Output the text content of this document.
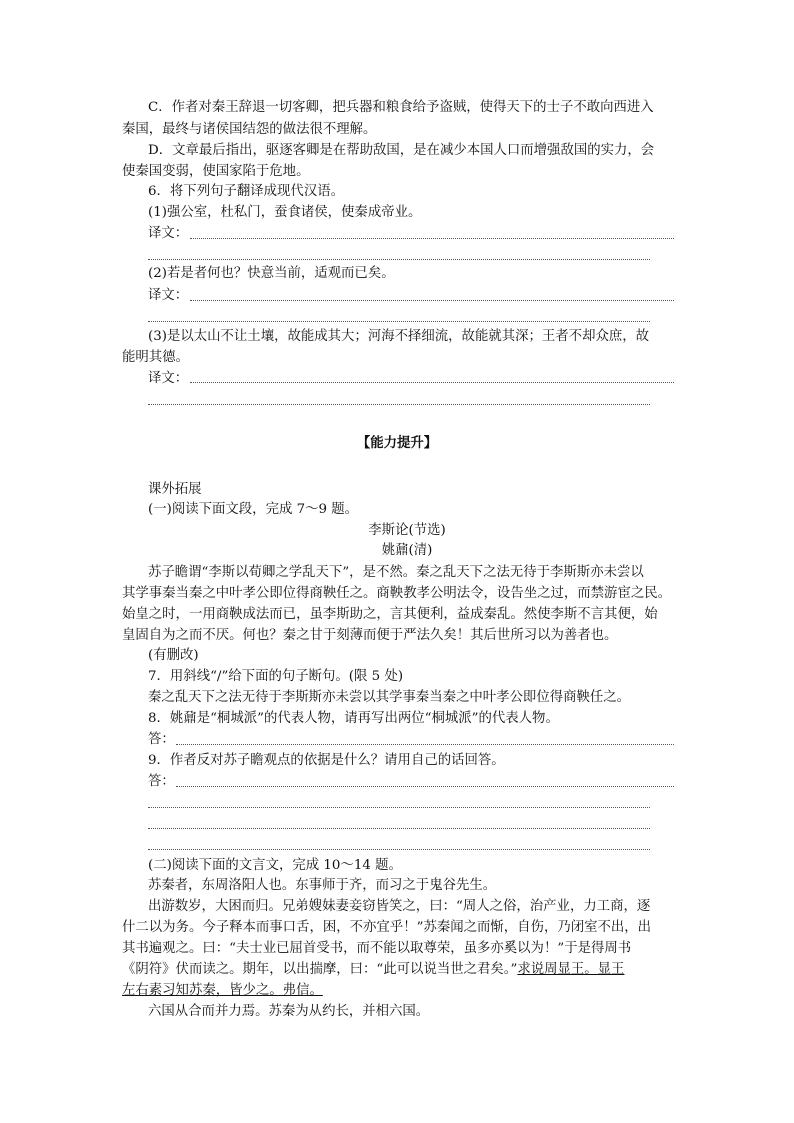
C．作者对秦王辞退一切客卿，把兵器和粮食给予盗贼，使得天下的士子不敢向西进入
秦国，最终与诸侯国结怨的做法很不理解。
D．文章最后指出，驱逐客卿是在帮助敌国，是在减少本国人口而增强敌国的实力，会
使秦国变弱，使国家陷于危地。
6．将下列句子翻译成现代汉语。
(1)强公室，杜私门，蚕食诸侯，使秦成帝业。
译文：
(2)若是者何也？快意当前，适观而已矣。
译文：
(3)是以太山不让土壤，故能成其大；河海不择细流，故能就其深；王者不却众庶，故
能明其德。
译文：
【能力提升】
课外拓展
(一)阅读下面文段，完成 7～9 题。
李斯论(节选)
姚鼐(清)
苏子瞻谓“李斯以荀卿之学乱天下”，是不然。秦之乱天下之法无待于李斯斯亦未尝以
其学事秦当秦之中叶孝公即位得商鞅任之。商鞅教孝公明法令，设告坐之过，而禁游宦之民。
始皇之时，一用商鞅成法而已，虽李斯助之，言其便利，益成秦乱。然使李斯不言其便，始
皇固自为之而不厌。何也？秦之甘于刻薄而便于严法久矣！其后世所习以为善者也。
(有删改)
7．用斜线“/”给下面的句子断句。(限 5 处)
秦之乱天下之法无待于李斯斯亦未尝以其学事秦当秦之中叶孝公即位得商鞅任之。
8．姚鼐是“桐城派”的代表人物，请再写出两位“桐城派”的代表人物。
答：
9．作者反对苏子瞻观点的依据是什么？请用自己的话回答。
答：
(二)阅读下面的文言文，完成 10～14 题。
苏秦者，东周洛阳人也。东事师于齐，而习之于鬼谷先生。
出游数岁，大困而归。兄弟嫂妹妻妾窃皆笑之，曰：“周人之俗，治产业，力工商，逐
什二以为务。今子释本而事口舌，困，不亦宜乎！”苏秦闻之而惭，自伤，乃闭室不出，出
其书遍观之。曰：“夫士业已屈首受书，而不能以取尊荣，虽多亦奚以为！”于是得周书
《阴符》伏而读之。期年，以出揣摩，曰：“此可以说当世之君矣。”求说周显王。显王
左右素习知苏秦，皆少之。弗信。
六国从合而并力焉。苏秦为从约长，并相六国。
